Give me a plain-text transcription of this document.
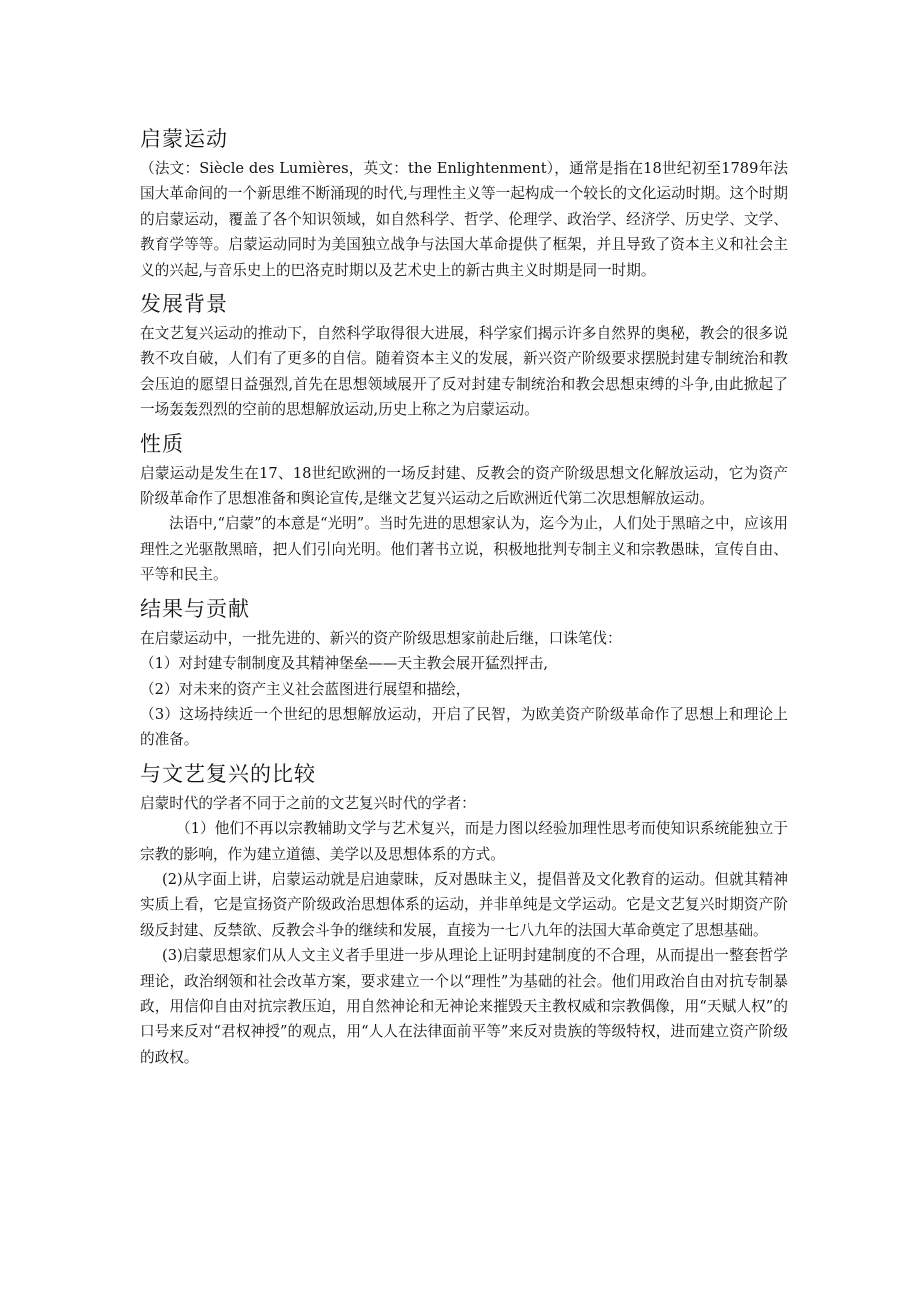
启蒙运动

（法文：Siècle des Lumières，英文：the Enlightenment），通常是指在18世纪初至1789年法国大革命间的一个新思维不断涌现的时代,与理性主义等一起构成一个较长的文化运动时期。这个时期的启蒙运动，覆盖了各个知识领域，如自然科学、哲学、伦理学、政治学、经济学、历史学、文学、教育学等等。启蒙运动同时为美国独立战争与法国大革命提供了框架，并且导致了资本主义和社会主义的兴起,与音乐史上的巴洛克时期以及艺术史上的新古典主义时期是同一时期。

发展背景

在文艺复兴运动的推动下，自然科学取得很大进展，科学家们揭示许多自然界的奥秘，教会的很多说教不攻自破，人们有了更多的自信。随着资本主义的发展，新兴资产阶级要求摆脱封建专制统治和教会压迫的愿望日益强烈,首先在思想领域展开了反对封建专制统治和教会思想束缚的斗争,由此掀起了一场轰轰烈烈的空前的思想解放运动,历史上称之为启蒙运动。

性质

启蒙运动是发生在17、18世纪欧洲的一场反封建、反教会的资产阶级思想文化解放运动，它为资产阶级革命作了思想准备和舆论宣传,是继文艺复兴运动之后欧洲近代第二次思想解放运动。

法语中,“启蒙”的本意是“光明”。当时先进的思想家认为，迄今为止，人们处于黑暗之中，应该用理性之光驱散黑暗，把人们引向光明。他们著书立说，积极地批判专制主义和宗教愚昧，宣传自由、平等和民主。

结果与贡献

在启蒙运动中，一批先进的、新兴的资产阶级思想家前赴后继，口诛笔伐：

（1）对封建专制制度及其精神堡垒——天主教会展开猛烈抨击,

（2）对未来的资产主义社会蓝图进行展望和描绘，

（3）这场持续近一个世纪的思想解放运动，开启了民智，为欧美资产阶级革命作了思想上和理论上的准备。

与文艺复兴的比较

启蒙时代的学者不同于之前的文艺复兴时代的学者：

（1）他们不再以宗教辅助文学与艺术复兴，而是力图以经验加理性思考而使知识系统能独立于宗教的影响，作为建立道德、美学以及思想体系的方式。

(2)从字面上讲，启蒙运动就是启迪蒙昧，反对愚昧主义，提倡普及文化教育的运动。但就其精神实质上看，它是宣扬资产阶级政治思想体系的运动，并非单纯是文学运动。它是文艺复兴时期资产阶级反封建、反禁欲、反教会斗争的继续和发展，直接为一七八九年的法国大革命奠定了思想基础。

(3)启蒙思想家们从人文主义者手里进一步从理论上证明封建制度的不合理，从而提出一整套哲学理论，政治纲领和社会改革方案，要求建立一个以“理性”为基础的社会。他们用政治自由对抗专制暴政，用信仰自由对抗宗教压迫，用自然神论和无神论来摧毁天主教权威和宗教偶像，用“天赋人权”的口号来反对“君权神授”的观点，用“人人在法律面前平等”来反对贵族的等级特权，进而建立资产阶级的政权。
